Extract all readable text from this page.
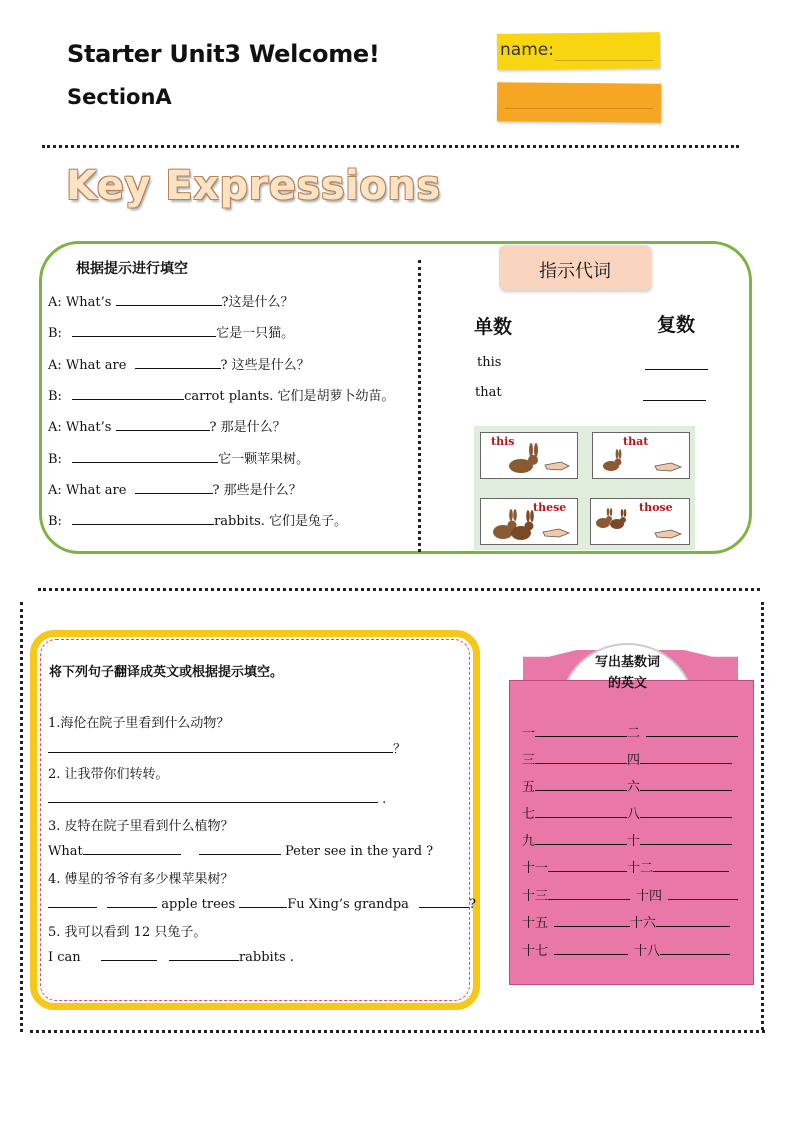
Starter Unit3 Welcome!
SectionA
name:
Key Expressions
根据提示进行填空
A: What’s	?这是什么？
B:	它是一只猫。
A: What are	? 这些是什么？
B:	carrot plants. 它们是胡萝卜幼苗。
A: What’s	? 那是什么？
B:	它一颗苹果树。
A: What are	? 那些是什么？
B:	rabbits. 它们是兔子。
指示代词
单数	复数
this
that
this	that
these	those
将下列句子翻译成英文或根据提示填空。
1.海伦在院子里看到什么动物？
？
2. 让我带你们转转。
.
3. 皮特在院子里看到什么植物？
What	Peter see in the yard ?
4. 傅星的爷爷有多少棵苹果树？
apple trees	Fu Xing’s grandpa	?
5. 我可以看到 12 只兔子。
I can	rabbits .
写出基数词
的英文
一	二
三	四
五	六
七	八
九	十
十一	十二
十三	十四
十五	十六
十七	十八
